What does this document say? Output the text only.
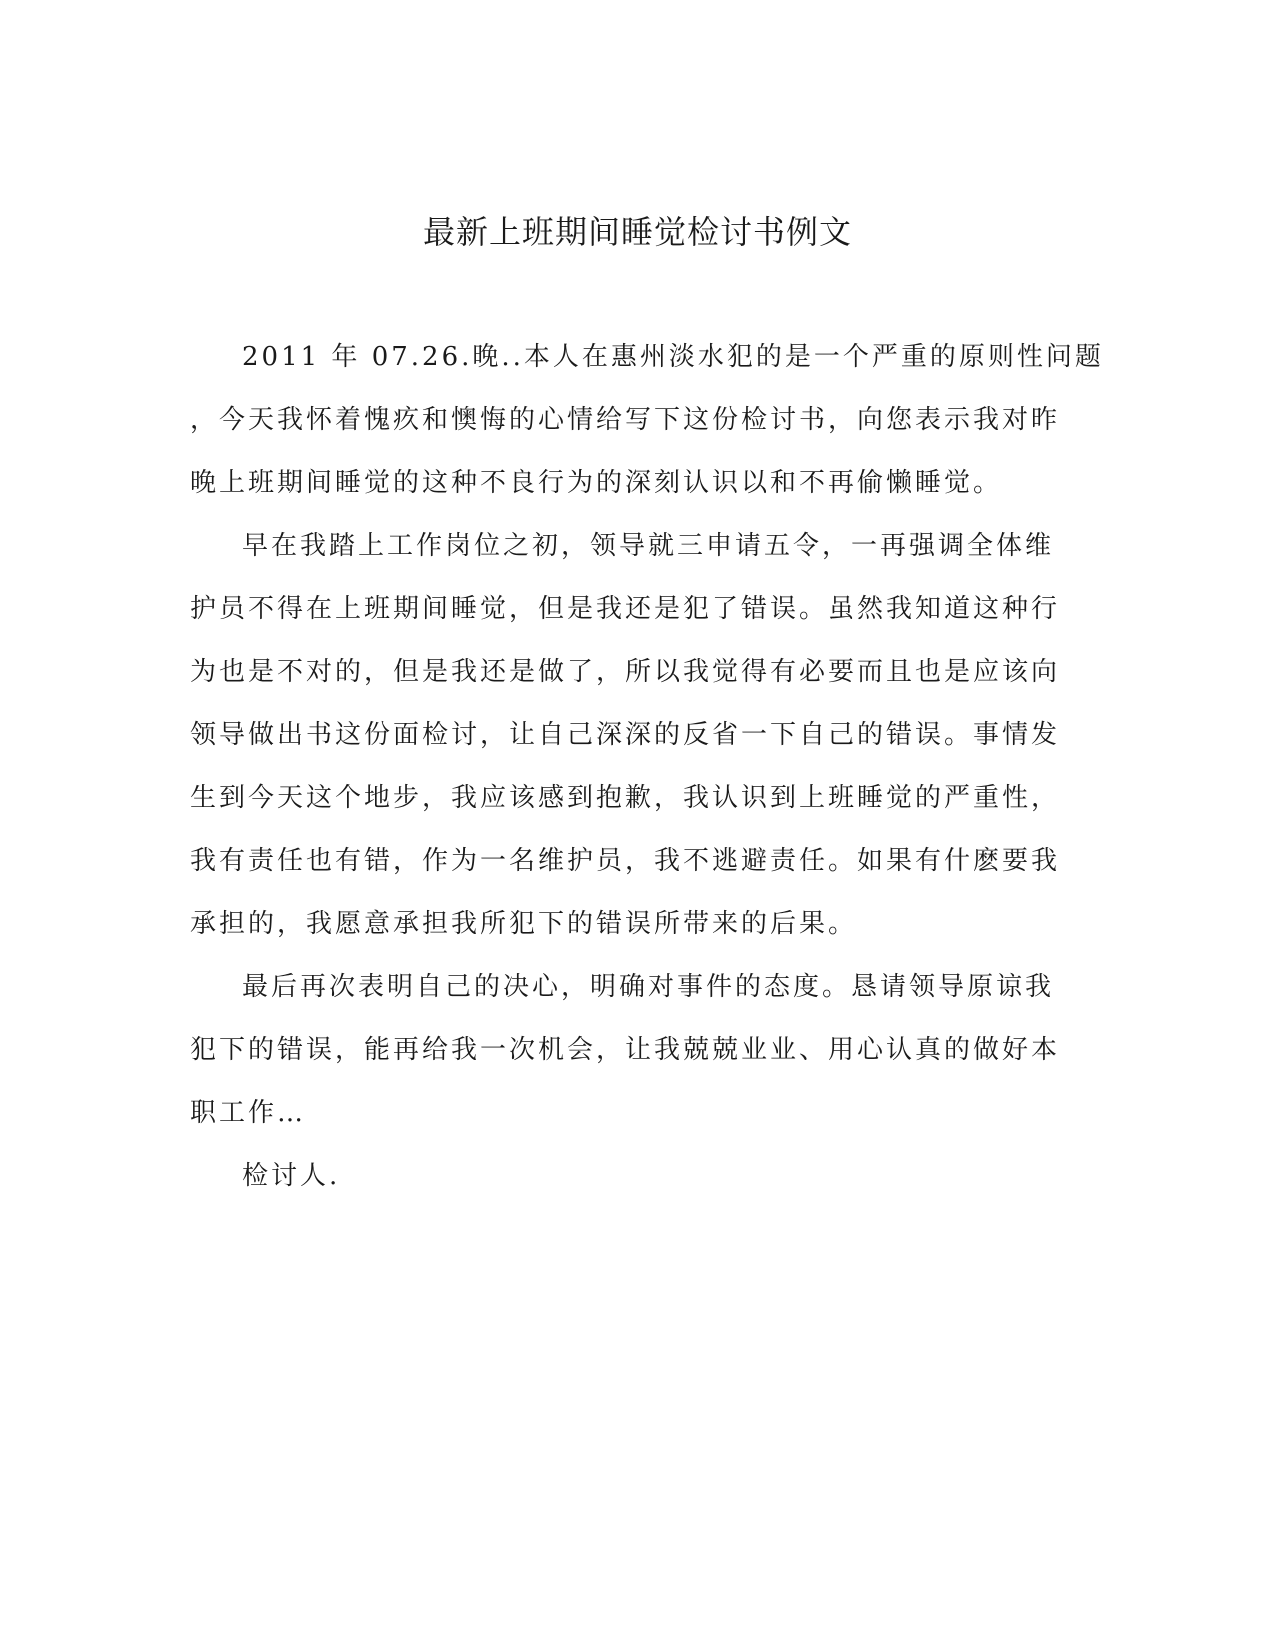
最新上班期间睡觉检讨书例文
2011 年 07.26.晚..本人在惠州淡水犯的是一个严重的原则性问题
，今天我怀着愧疚和懊悔的心情给写下这份检讨书，向您表示我对昨
晚上班期间睡觉的这种不良行为的深刻认识以和不再偷懒睡觉。
早在我踏上工作岗位之初，领导就三申请五令，一再强调全体维
护员不得在上班期间睡觉，但是我还是犯了错误。虽然我知道这种行
为也是不对的，但是我还是做了，所以我觉得有必要而且也是应该向
领导做出书这份面检讨，让自己深深的反省一下自己的错误。事情发
生到今天这个地步，我应该感到抱歉，我认识到上班睡觉的严重性，
我有责任也有错，作为一名维护员，我不逃避责任。如果有什麽要我
承担的，我愿意承担我所犯下的错误所带来的后果。
最后再次表明自己的决心，明确对事件的态度。恳请领导原谅我
犯下的错误，能再给我一次机会，让我兢兢业业、用心认真的做好本
职工作…
检讨人.
